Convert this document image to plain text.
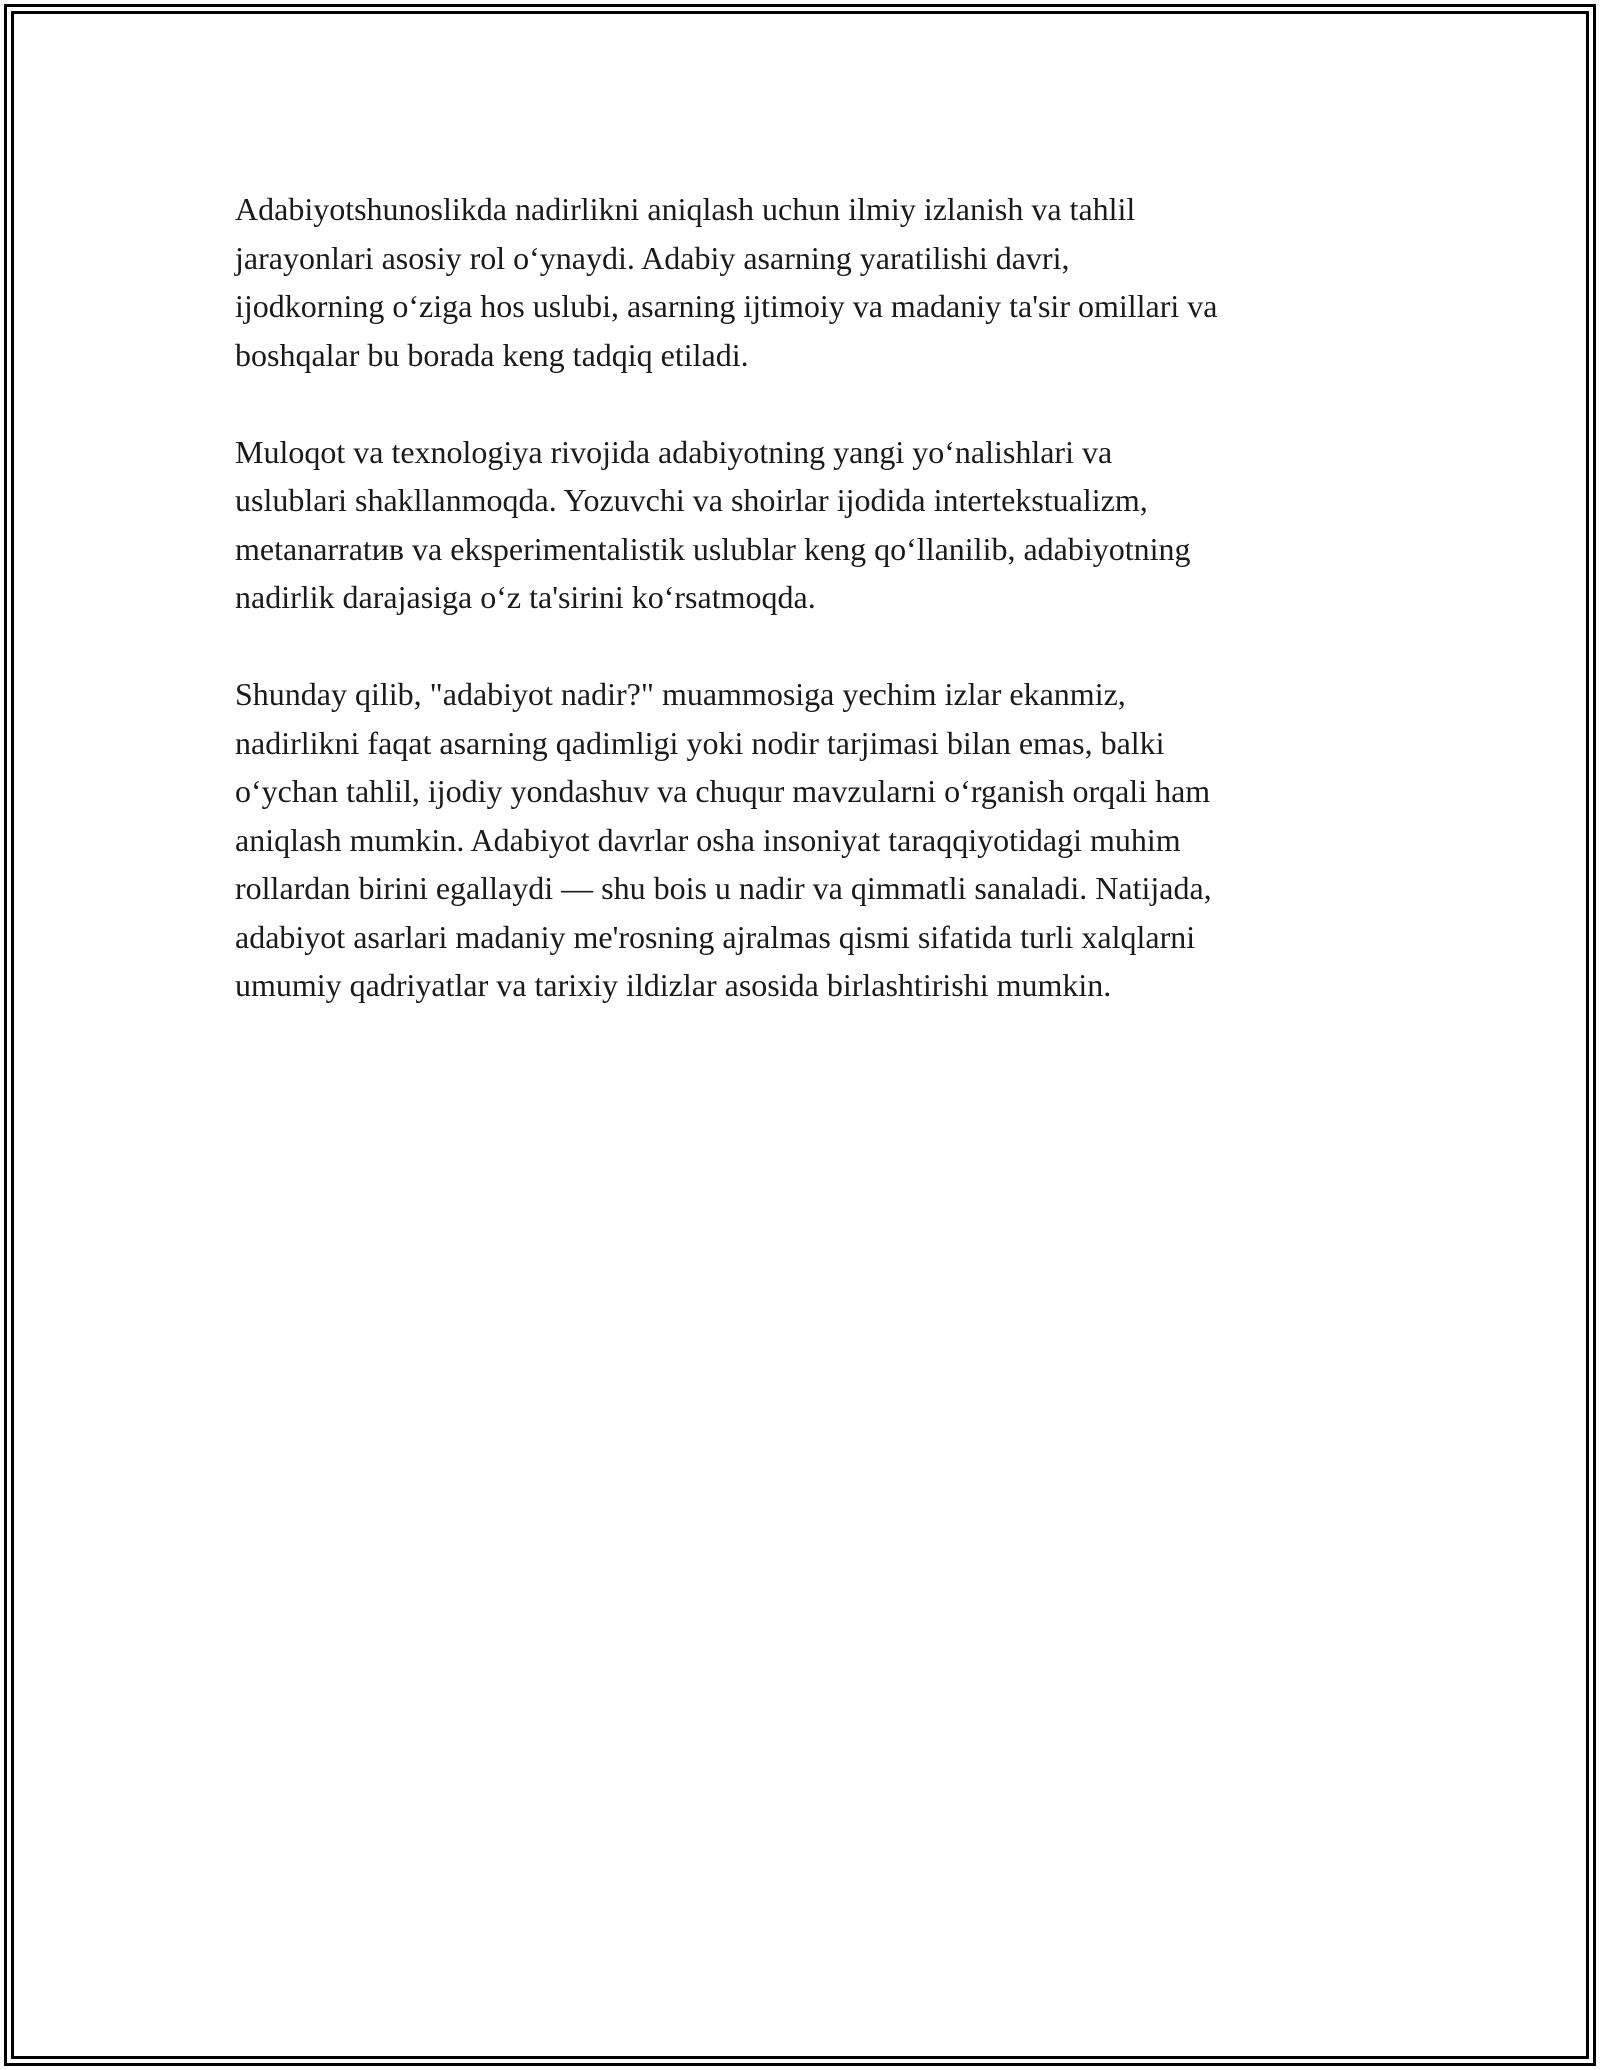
Adabiyotshunoslikda nadirlikni aniqlash uchun ilmiy izlanish va tahlil
jarayonlari asosiy rol o‘ynaydi. Adabiy asarning yaratilishi davri,
ijodkorning o‘ziga hos uslubi, asarning ijtimoiy va madaniy ta'sir omillari va
boshqalar bu borada keng tadqiq etiladi.

Muloqot va texnologiya rivojida adabiyotning yangi yo‘nalishlari va
uslublari shakllanmoqda. Yozuvchi va shoirlar ijodida intertekstualizm,
metanarratив va eksperimentalistik uslublar keng qo‘llanilib, adabiyotning
nadirlik darajasiga o‘z ta'sirini ko‘rsatmoqda.

Shunday qilib, "adabiyot nadir?" muammosiga yechim izlar ekanmiz,
nadirlikni faqat asarning qadimligi yoki nodir tarjimasi bilan emas, balki
o‘ychan tahlil, ijodiy yondashuv va chuqur mavzularni o‘rganish orqali ham
aniqlash mumkin. Adabiyot davrlar osha insoniyat taraqqiyotidagi muhim
rollardan birini egallaydi — shu bois u nadir va qimmatli sanaladi. Natijada,
adabiyot asarlari madaniy me'rosning ajralmas qismi sifatida turli xalqlarni
umumiy qadriyatlar va tarixiy ildizlar asosida birlashtirishi mumkin.
